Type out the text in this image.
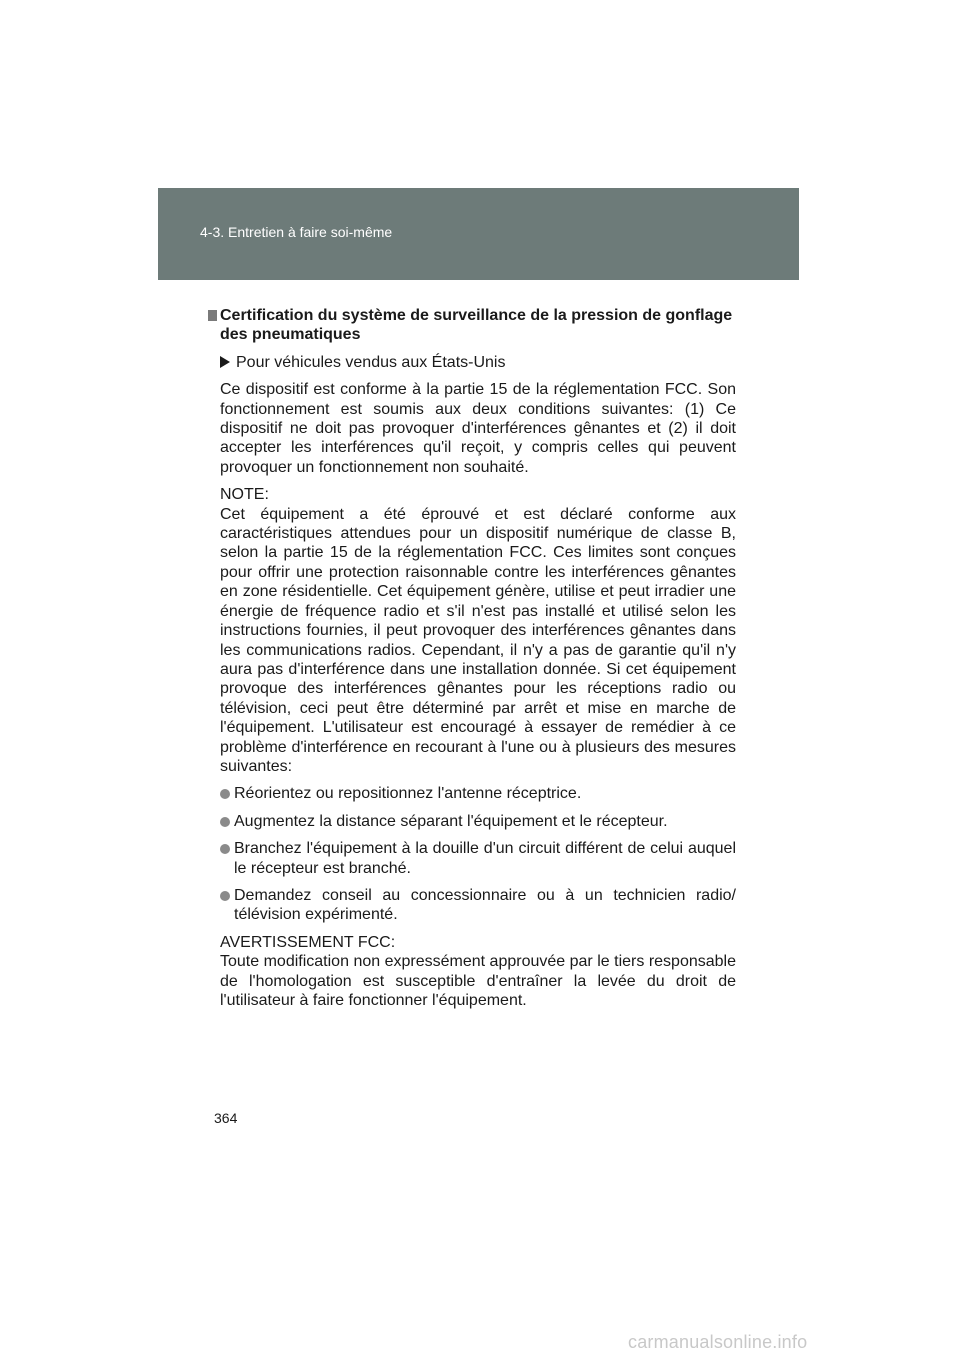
4-3. Entretien à faire soi-même
Certification du système de surveillance de la pression de gonflage des pneumatiques
Pour véhicules vendus aux États-Unis

Ce dispositif est conforme à la partie 15 de la réglementation FCC. Son fonctionnement est soumis aux deux conditions suivantes: (1) Ce dispositif ne doit pas provoquer d'interférences gênantes et (2) il doit accepter les interférences qu'il reçoit, y compris celles qui peuvent provoquer un fonctionnement non souhaité.

NOTE:

Cet équipement a été éprouvé et est déclaré conforme aux caractéristiques attendues pour un dispositif numérique de classe B, selon la partie 15 de la réglementation FCC. Ces limites sont conçues pour offrir une protection raisonnable contre les interférences gênantes en zone résidentielle. Cet équipement génère, utilise et peut irradier une énergie de fréquence radio et s'il n'est pas installé et utilisé selon les instructions fournies, il peut provoquer des interférences gênantes dans les communications radios. Cependant, il n'y a pas de garantie qu'il n'y aura pas d'interférence dans une installation donnée. Si cet équipement provoque des interférences gênantes pour les réceptions radio ou télévision, ceci peut être déterminé par arrêt et mise en marche de l'équipement. L'utilisateur est encouragé à essayer de remédier à ce problème d'interférence en recourant à l'une ou à plusieurs des mesures suivantes:

Réorientez ou repositionnez l'antenne réceptrice.
Augmentez la distance séparant l'équipement et le récepteur.
Branchez l'équipement à la douille d'un circuit différent de celui auquel le récepteur est branché.
Demandez conseil au concessionnaire ou à un technicien radio/ télévision expérimenté.
AVERTISSEMENT FCC:

Toute modification non expressément approuvée par le tiers responsable de l'homologation est susceptible d'entraîner la levée du droit de l'utilisateur à faire fonctionner l'équipement.

364
carmanualsonline.info
